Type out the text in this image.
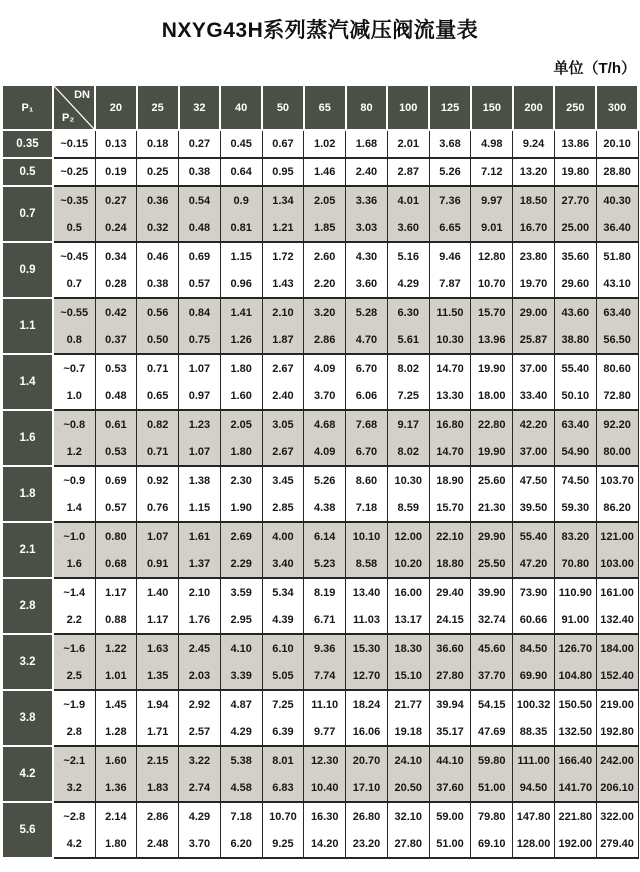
NXYG43H系列蒸汽减压阀流量表
单位（T/h）
P₁	DN
P₂	20	25	32	40	50	65	80	100	125	150	200	250	300
0.35	~0.15	0.13	0.18	0.27	0.45	0.67	1.02	1.68	2.01	3.68	4.98	9.24	13.86	20.10
0.5	~0.25	0.19	0.25	0.38	0.64	0.95	1.46	2.40	2.87	5.26	7.12	13.20	19.80	28.80
0.7	~0.35	0.27	0.36	0.54	0.9	1.34	2.05	3.36	4.01	7.36	9.97	18.50	27.70	40.30
	0.5	0.24	0.32	0.48	0.81	1.21	1.85	3.03	3.60	6.65	9.01	16.70	25.00	36.40
0.9	~0.45	0.34	0.46	0.69	1.15	1.72	2.60	4.30	5.16	9.46	12.80	23.80	35.60	51.80
	0.7	0.28	0.38	0.57	0.96	1.43	2.20	3.60	4.29	7.87	10.70	19.70	29.60	43.10
1.1	~0.55	0.42	0.56	0.84	1.41	2.10	3.20	5.28	6.30	11.50	15.70	29.00	43.60	63.40
	0.8	0.37	0.50	0.75	1.26	1.87	2.86	4.70	5.61	10.30	13.96	25.87	38.80	56.50
1.4	~0.7	0.53	0.71	1.07	1.80	2.67	4.09	6.70	8.02	14.70	19.90	37.00	55.40	80.60
	1.0	0.48	0.65	0.97	1.60	2.40	3.70	6.06	7.25	13.30	18.00	33.40	50.10	72.80
1.6	~0.8	0.61	0.82	1.23	2.05	3.05	4.68	7.68	9.17	16.80	22.80	42.20	63.40	92.20
	1.2	0.53	0.71	1.07	1.80	2.67	4.09	6.70	8.02	14.70	19.90	37.00	54.90	80.00
1.8	~0.9	0.69	0.92	1.38	2.30	3.45	5.26	8.60	10.30	18.90	25.60	47.50	74.50	103.70
	1.4	0.57	0.76	1.15	1.90	2.85	4.38	7.18	8.59	15.70	21.30	39.50	59.30	86.20
2.1	~1.0	0.80	1.07	1.61	2.69	4.00	6.14	10.10	12.00	22.10	29.90	55.40	83.20	121.00
	1.6	0.68	0.91	1.37	2.29	3.40	5.23	8.58	10.20	18.80	25.50	47.20	70.80	103.00
2.8	~1.4	1.17	1.40	2.10	3.59	5.34	8.19	13.40	16.00	29.40	39.90	73.90	110.90	161.00
	2.2	0.88	1.17	1.76	2.95	4.39	6.71	11.03	13.17	24.15	32.74	60.66	91.00	132.40
3.2	~1.6	1.22	1.63	2.45	4.10	6.10	9.36	15.30	18.30	36.60	45.60	84.50	126.70	184.00
	2.5	1.01	1.35	2.03	3.39	5.05	7.74	12.70	15.10	27.80	37.70	69.90	104.80	152.40
3.8	~1.9	1.45	1.94	2.92	4.87	7.25	11.10	18.24	21.77	39.94	54.15	100.32	150.50	219.00
	2.8	1.28	1.71	2.57	4.29	6.39	9.77	16.06	19.18	35.17	47.69	88.35	132.50	192.80
4.2	~2.1	1.60	2.15	3.22	5.38	8.01	12.30	20.70	24.10	44.10	59.80	111.00	166.40	242.00
	3.2	1.36	1.83	2.74	4.58	6.83	10.40	17.10	20.50	37.60	51.00	94.50	141.70	206.10
5.6	~2.8	2.14	2.86	4.29	7.18	10.70	16.30	26.80	32.10	59.00	79.80	147.80	221.80	322.00
	4.2	1.80	2.48	3.70	6.20	9.25	14.20	23.20	27.80	51.00	69.10	128.00	192.00	279.40
